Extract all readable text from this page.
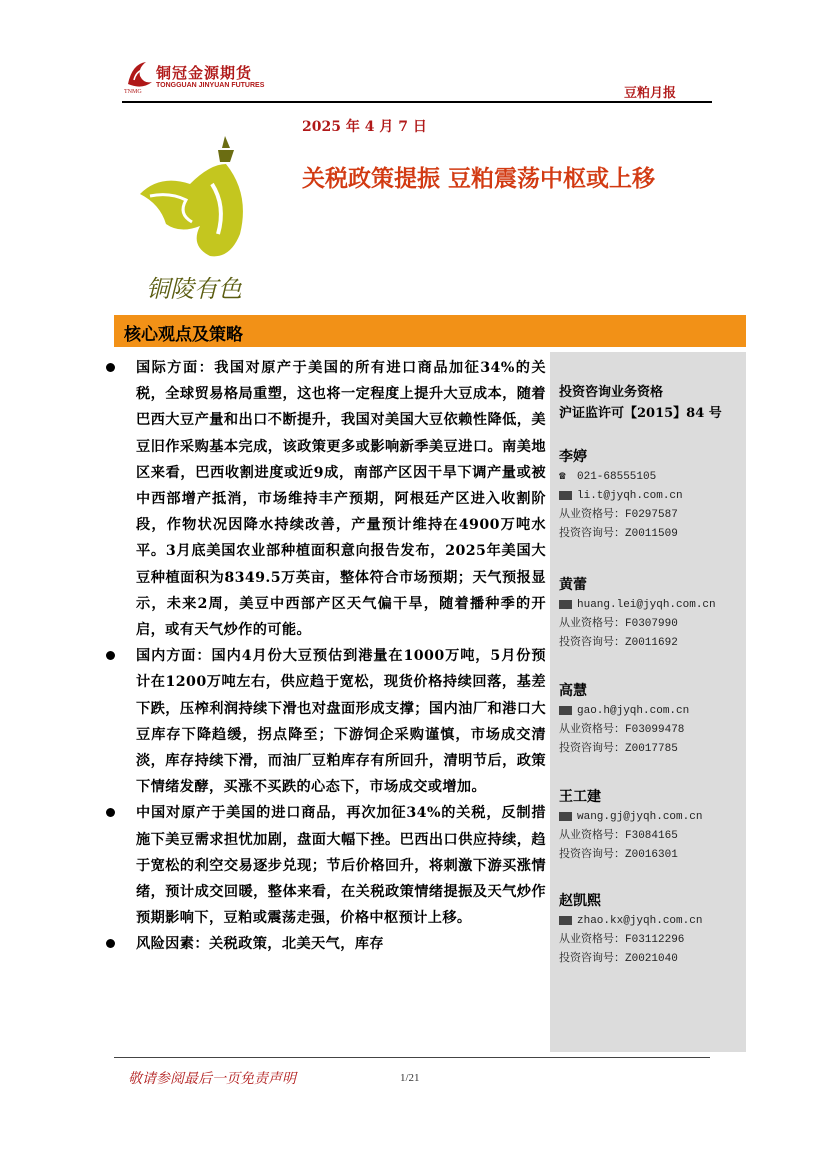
TNMG
铜冠金源期货
TONGGUAN JINYUAN FUTURES
豆粕月报
铜陵有色
2025 年 4 月 7 日
关税政策提振 豆粕震荡中枢或上移
核心观点及策略
投资咨询业务资格
沪证监许可【2015】84 号
李婷
☎ 021-68555105
li.t@jyqh.com.cn
从业资格号：F0297587
投资咨询号：Z0011509
黄蕾
huang.lei@jyqh.com.cn
从业资格号：F0307990
投资咨询号：Z0011692
高慧
gao.h@jyqh.com.cn
从业资格号：F03099478
投资咨询号：Z0017785
王工建
wang.gj@jyqh.com.cn
从业资格号：F3084165
投资咨询号：Z0016301
赵凯熙
zhao.kx@jyqh.com.cn
从业资格号：F03112296
投资咨询号：Z0021040
国际方面：我国对原产于美国的所有进口商品加征34%的关税，全球贸易格局重塑，这也将一定程度上提升大豆成本，随着巴西大豆产量和出口不断提升，我国对美国大豆依赖性降低，美豆旧作采购基本完成，该政策更多或影响新季美豆进口。南美地区来看，巴西收割进度或近9成，南部产区因干旱下调产量或被中西部增产抵消，市场维持丰产预期，阿根廷产区进入收割阶段，作物状况因降水持续改善，产量预计维持在4900万吨水平。3月底美国农业部种植面积意向报告发布，2025年美国大豆种植面积为8349.5万英亩，整体符合市场预期；天气预报显示，未来2周，美豆中西部产区天气偏干旱，随着播种季的开启，或有天气炒作的可能。
国内方面：国内4月份大豆预估到港量在1000万吨，5月份预计在1200万吨左右，供应趋于宽松，现货价格持续回落，基差下跌，压榨利润持续下滑也对盘面形成支撑；国内油厂和港口大豆库存下降趋缓，拐点降至；下游饲企采购谨慎，市场成交清淡，库存持续下滑，而油厂豆粕库存有所回升，清明节后，政策下情绪发酵，买涨不买跌的心态下，市场成交或增加。
中国对原产于美国的进口商品，再次加征34%的关税，反制措施下美豆需求担忧加剧，盘面大幅下挫。巴西出口供应持续，趋于宽松的利空交易逐步兑现；节后价格回升，将刺激下游买涨情绪，预计成交回暖，整体来看，在关税政策情绪提振及天气炒作预期影响下，豆粕或震荡走强，价格中枢预计上移。
风险因素：关税政策，北美天气，库存
敬请参阅最后一页免责声明	1/21
